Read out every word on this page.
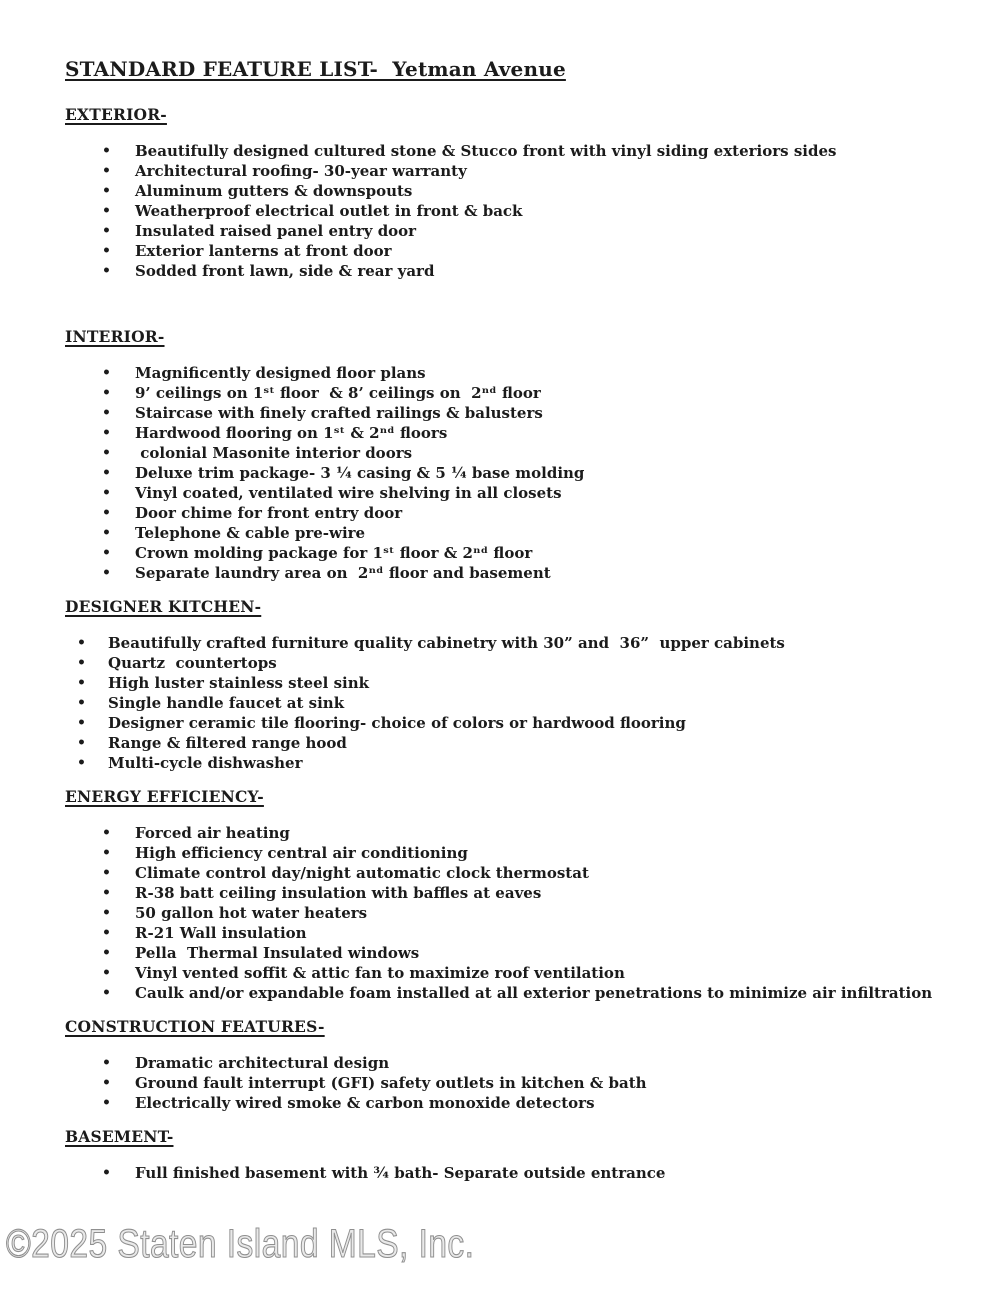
STANDARD FEATURE LIST-  Yetman Avenue
EXTERIOR-
•	Beautifully designed cultured stone & Stucco front with vinyl siding exteriors sides
•	Architectural roofing- 30-year warranty
•	Aluminum gutters & downspouts
•	Weatherproof electrical outlet in front & back
•	Insulated raised panel entry door
•	Exterior lanterns at front door
•	Sodded front lawn, side & rear yard
INTERIOR-
•	Magnificently designed floor plans
•	9’ ceilings on 1ˢᵗ floor  & 8’ ceilings on  2ⁿᵈ floor
•	Staircase with finely crafted railings & balusters
•	Hardwood flooring on 1ˢᵗ & 2ⁿᵈ floors
•	colonial Masonite interior doors
•	Deluxe trim package- 3 ¼ casing & 5 ¼ base molding
•	Vinyl coated, ventilated wire shelving in all closets
•	Door chime for front entry door
•	Telephone & cable pre-wire
•	Crown molding package for 1ˢᵗ floor & 2ⁿᵈ floor
•	Separate laundry area on  2ⁿᵈ floor and basement
DESIGNER KITCHEN-
•	Beautifully crafted furniture quality cabinetry with 30” and  36”  upper cabinets
•	Quartz  countertops
•	High luster stainless steel sink
•	Single handle faucet at sink
•	Designer ceramic tile flooring- choice of colors or hardwood flooring
•	Range & filtered range hood
•	Multi-cycle dishwasher
ENERGY EFFICIENCY-
•	Forced air heating
•	High efficiency central air conditioning
•	Climate control day/night automatic clock thermostat
•	R-38 batt ceiling insulation with baffles at eaves
•	50 gallon hot water heaters
•	R-21 Wall insulation
•	Pella  Thermal Insulated windows
•	Vinyl vented soffit & attic fan to maximize roof ventilation
•	Caulk and/or expandable foam installed at all exterior penetrations to minimize air infiltration
CONSTRUCTION FEATURES-
•	Dramatic architectural design
•	Ground fault interrupt (GFI) safety outlets in kitchen & bath
•	Electrically wired smoke & carbon monoxide detectors
BASEMENT-
•	Full finished basement with ¾ bath- Separate outside entrance
©2025 Staten Island MLS, Inc.
